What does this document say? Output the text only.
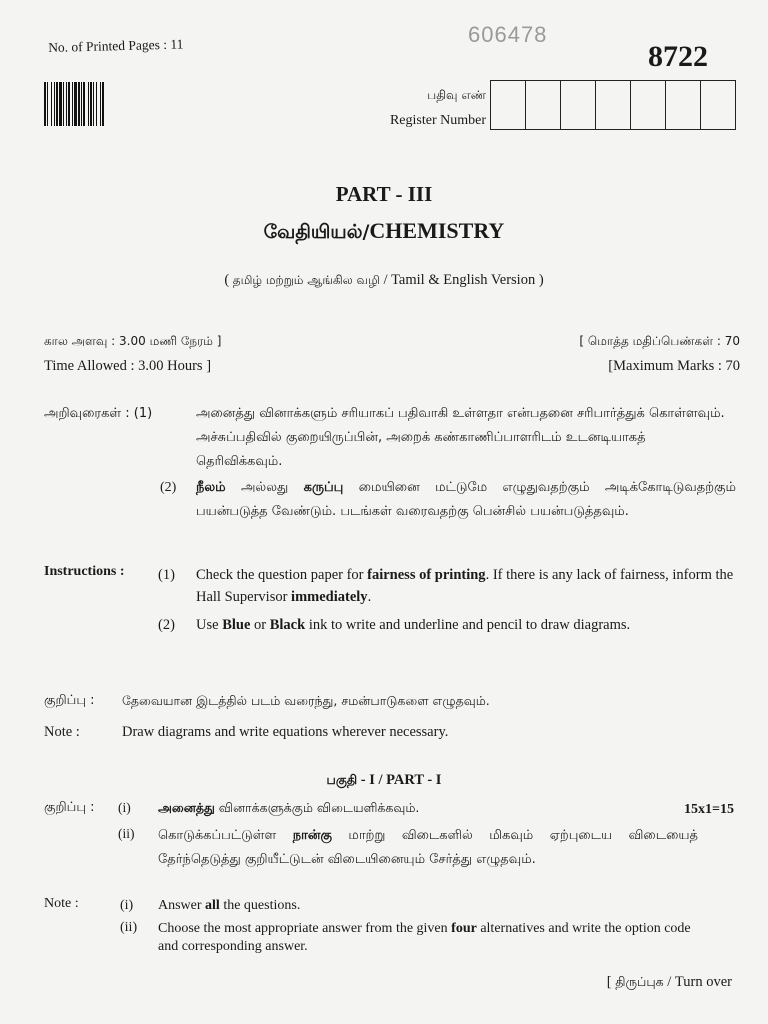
No. of Printed Pages : 11	606478
8722
பதிவு எண்
Register Number
PART - III
வேதியியல்/CHEMISTRY
( தமிழ் மற்றும் ஆங்கில வழி / Tamil & English Version )
கால அளவு : 3.00 மணி நேரம் ]	[ மொத்த மதிப்பெண்கள் : 70
Time Allowed : 3.00 Hours ]	[Maximum Marks : 70
அறிவுரைகள் : (1)	அனைத்து வினாக்களும் சரியாகப் பதிவாகி உள்ளதா என்பதனை சரிபார்த்துக் கொள்ளவும். அச்சுப்பதிவில் குறையிருப்பின், அறைக் கண்காணிப்பாளரிடம் உடனடியாகத் தெரிவிக்கவும்.
(2) நீலம் அல்லது கருப்பு மையினை மட்டுமே எழுதுவதற்கும் அடிக்கோடிடுவதற்கும் பயன்படுத்த வேண்டும். படங்கள் வரைவதற்கு பென்சில் பயன்படுத்தவும்.
Instructions : (1) Check the question paper for fairness of printing. If there is any lack of fairness, inform the Hall Supervisor immediately.
(2) Use Blue or Black ink to write and underline and pencil to draw diagrams.
குறிப்பு : தேவையான இடத்தில் படம் வரைந்து, சமன்பாடுகளை எழுதவும்.
Note :	Draw diagrams and write equations wherever necessary.
பகுதி - I / PART - I
குறிப்பு : (i) அனைத்து வினாக்களுக்கும் விடையளிக்கவும்.	15x1=15
(ii) கொடுக்கப்பட்டுள்ள நான்கு மாற்று விடைகளில் மிகவும் ஏற்புடைய விடையைத் தேர்ந்தெடுத்து குறியீட்டுடன் விடையினையும் சேர்த்து எழுதவும்.
Note :	(i) Answer all the questions.
(ii) Choose the most appropriate answer from the given four alternatives and write the option code and corresponding answer.
[ திருப்புக / Turn over
